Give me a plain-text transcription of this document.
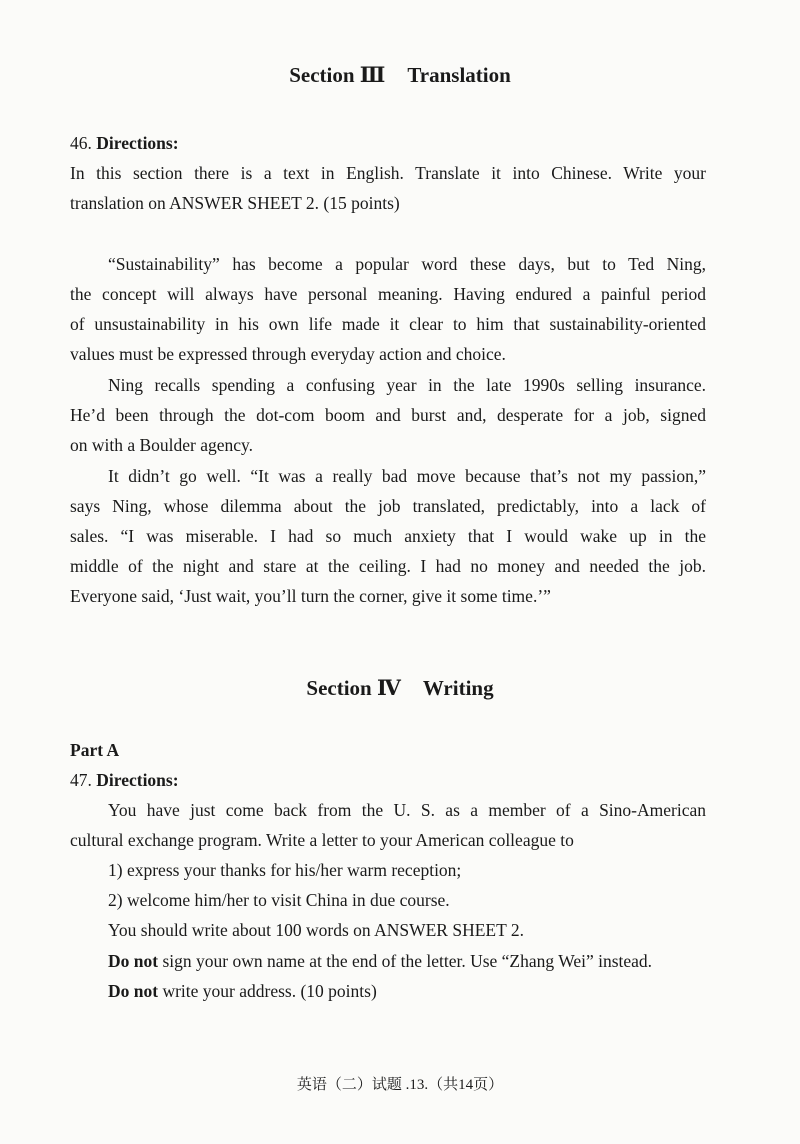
Section Ⅲ Translation
46. Directions:
In this section there is a text in English. Translate it into Chinese. Write your
translation on ANSWER SHEET 2. (15 points)
“Sustainability” has become a popular word these days, but to Ted Ning,
the concept will always have personal meaning. Having endured a painful period
of unsustainability in his own life made it clear to him that sustainability-oriented
values must be expressed through everyday action and choice.
Ning recalls spending a confusing year in the late 1990s selling insurance.
He’d been through the dot-com boom and burst and, desperate for a job, signed
on with a Boulder agency.
It didn’t go well. “It was a really bad move because that’s not my passion,”
says Ning, whose dilemma about the job translated, predictably, into a lack of
sales. “I was miserable. I had so much anxiety that I would wake up in the
middle of the night and stare at the ceiling. I had no money and needed the job.
Everyone said, ‘Just wait, you’ll turn the corner, give it some time.’”
Section Ⅳ Writing
Part A
47. Directions:
You have just come back from the U. S. as a member of a Sino-American
cultural exchange program. Write a letter to your American colleague to
1) express your thanks for his/her warm reception;
2) welcome him/her to visit China in due course.
You should write about 100 words on ANSWER SHEET 2.
Do not sign your own name at the end of the letter. Use “Zhang Wei” instead.
Do not write your address. (10 points)
英语（二）试题 .13.（共14页）
